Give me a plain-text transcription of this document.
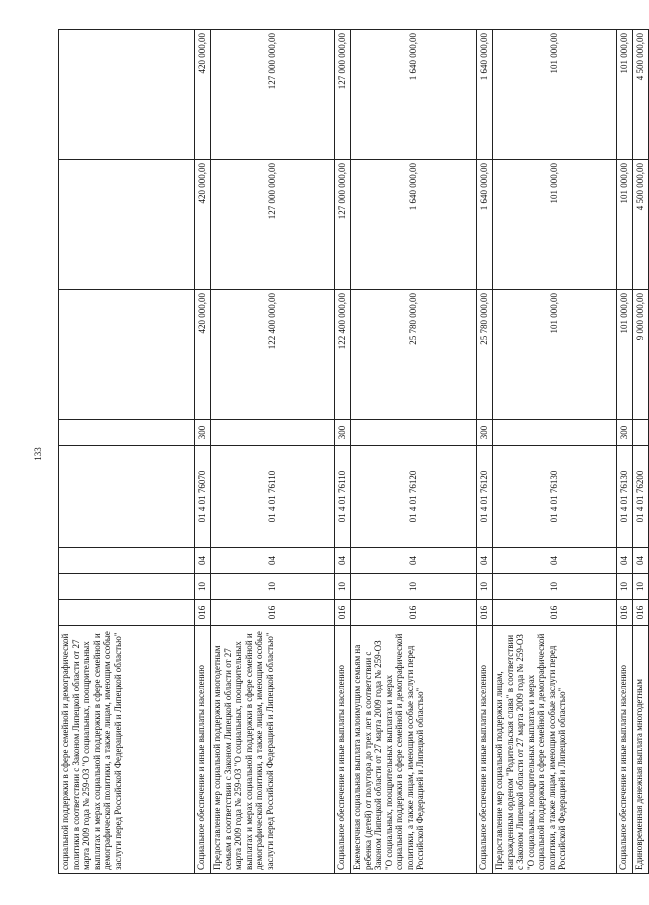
133
социальной поддержки в сфере семейной и демографической политики в соответствии с Законом Липецкой области от 27 марта 2009 года № 259-ОЗ "О социальных, поощрительных выплатах и мерах социальной поддержки в сфере семейной и демографической политики, а также лицам, имеющим особые заслуги перед Российской Федерацией и Липецкой областью"								
Социальное обеспечение и иные выплаты населению	016	10	04	01 4 01 76070	300	420 000,00	420 000,00	420 000,00
Предоставление мер социальной поддержки многодетным семьям в соответствии с Законом Липецкой области от 27 марта 2009 года № 259-ОЗ "О социальных, поощрительных выплатах и мерах социальной поддержки в сфере семейной и демографической политики, а также лицам, имеющим особые заслуги перед Российской Федерацией и Липецкой областью"	016	10	04	01 4 01 76110		122 400 000,00	127 000 000,00	127 000 000,00
Социальное обеспечение и иные выплаты населению	016	10	04	01 4 01 76110	300	122 400 000,00	127 000 000,00	127 000 000,00
Ежемесячная социальная выплата малоимущим семьям на ребенка (детей) от полутора до трех лет в соответствии с Законом Липецкой области от 27 марта 2009 года № 259-ОЗ "О социальных, поощрительных выплатах и мерах социальной поддержки в сфере семейной и демографической политики, а также лицам, имеющим особые заслуги перед Российской Федерацией и Липецкой областью"	016	10	04	01 4 01 76120		25 780 000,00	1 640 000,00	1 640 000,00
Социальное обеспечение и иные выплаты населению	016	10	04	01 4 01 76120	300	25 780 000,00	1 640 000,00	1 640 000,00
Предоставление мер социальной поддержки лицам, награжденным орденом "Родительская слава" в соответствии с Законом Липецкой области от 27 марта 2009 года № 259-ОЗ "О социальных, поощрительных выплатах и мерах социальной поддержки в сфере семейной и демографической политики, а также лицам, имеющим особые заслуги перед Российской Федерацией и Липецкой областью"	016	10	04	01 4 01 76130		101 000,00	101 000,00	101 000,00
Социальное обеспечение и иные выплаты населению	016	10	04	01 4 01 76130	300	101 000,00	101 000,00	101 000,00
Единовременная денежная выплата многодетным	016	10	04	01 4 01 76200		9 000 000,00	4 500 000,00	4 500 000,00
